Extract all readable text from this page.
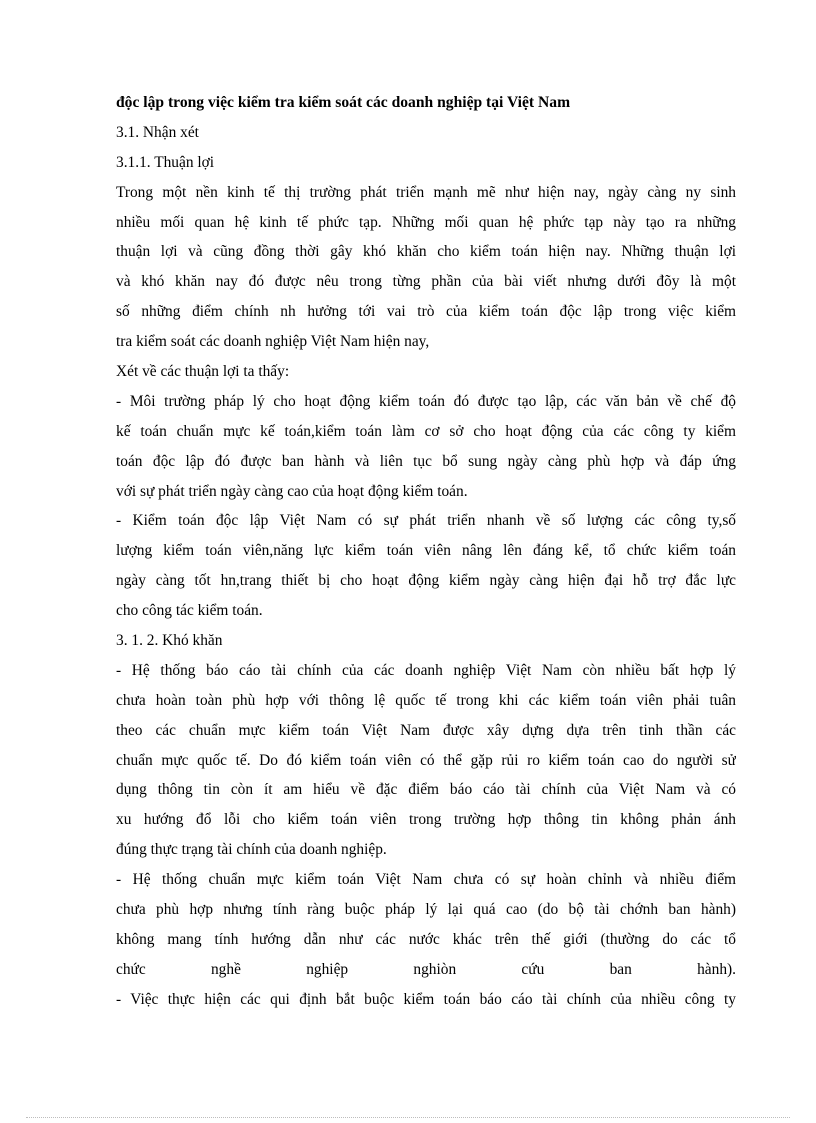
độc lập trong việc kiểm tra kiểm soát các doanh nghiệp tại Việt Nam
3.1. Nhận xét
3.1.1. Thuận lợi
Trong một nền kinh tế thị trường phát triển mạnh mẽ như hiện nay, ngày càng ny sinh
nhiều mối quan hệ kinh tế phức tạp. Những mối quan hệ phức tạp này tạo ra những
thuận lợi và cũng đồng thời gây khó khăn cho kiểm toán hiện nay. Những thuận lợi
và khó khăn nay đó được nêu trong từng phần của bài viết nhưng dưới đõy là một
số những điểm chính nh hưởng tới vai trò của kiểm toán độc lập trong việc kiểm
tra kiểm soát các doanh nghiệp Việt Nam hiện nay,
Xét về các thuận lợi ta thấy:
- Môi trường pháp lý cho hoạt động kiểm toán đó được tạo lập, các văn bản về chế độ
kế toán chuẩn mực kế toán,kiểm toán làm cơ sở cho hoạt động của các công ty kiểm
toán độc lập đó được ban hành và liên tục bổ sung ngày càng phù hợp và đáp ứng
với sự phát triển ngày càng cao của hoạt động kiểm toán.
- Kiểm toán độc lập Việt Nam có sự phát triển nhanh về số lượng các công ty,số
lượng kiểm toán viên,năng lực kiểm toán viên nâng lên đáng kể, tổ chức kiểm toán
ngày càng tốt hn,trang thiết bị cho hoạt động kiểm ngày càng hiện đại hỗ trợ đắc lực
cho công tác kiểm toán.
3. 1. 2. Khó khăn
- Hệ thống báo cáo tài chính của các doanh nghiệp Việt Nam còn nhiều bất hợp lý
chưa hoàn toàn phù hợp với thông lệ quốc tế trong khi các kiểm toán viên phải tuân
theo các chuẩn mực kiểm toán Việt Nam được xây dựng dựa trên tinh thần các
chuẩn mực quốc tế. Do đó kiểm toán viên có thể gặp rủi ro kiểm toán cao do người sử
dụng thông tin còn ít am hiểu về đặc điểm báo cáo tài chính của Việt Nam và có
xu hướng đổ lỗi cho kiểm toán viên trong trường hợp thông tin không phản ánh
đúng thực trạng tài chính của doanh nghiệp.
- Hệ thống chuẩn mực kiểm toán Việt Nam chưa có sự hoàn chỉnh và nhiều điểm
chưa phù hợp nhưng tính ràng buộc pháp lý lại quá cao (do bộ tài chớnh ban hành)
không mang tính hướng dẫn như các nước khác trên thế giới (thường do các tổ
chức nghề nghiệp nghiòn cứu ban hành).
- Việc thực hiện các qui định bắt buộc kiểm toán báo cáo tài chính của nhiều công ty
